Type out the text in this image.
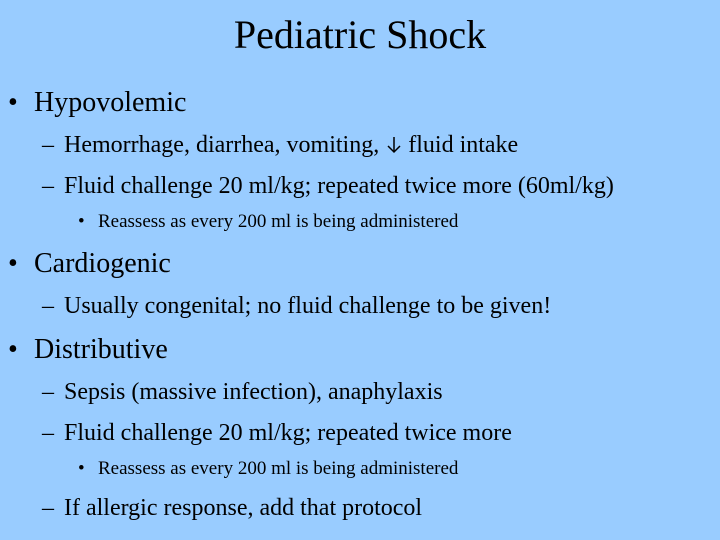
Pediatric Shock
• Hypovolemic
– Hemorrhage, diarrhea, vomiting, fluid intake
– Fluid challenge 20 ml/kg; repeated twice more (60ml/kg)
• Reassess as every 200 ml is being administered
• Cardiogenic
– Usually congenital; no fluid challenge to be given!
• Distributive
– Sepsis (massive infection), anaphylaxis
– Fluid challenge 20 ml/kg; repeated twice more
• Reassess as every 200 ml is being administered
– If allergic response, add that protocol
